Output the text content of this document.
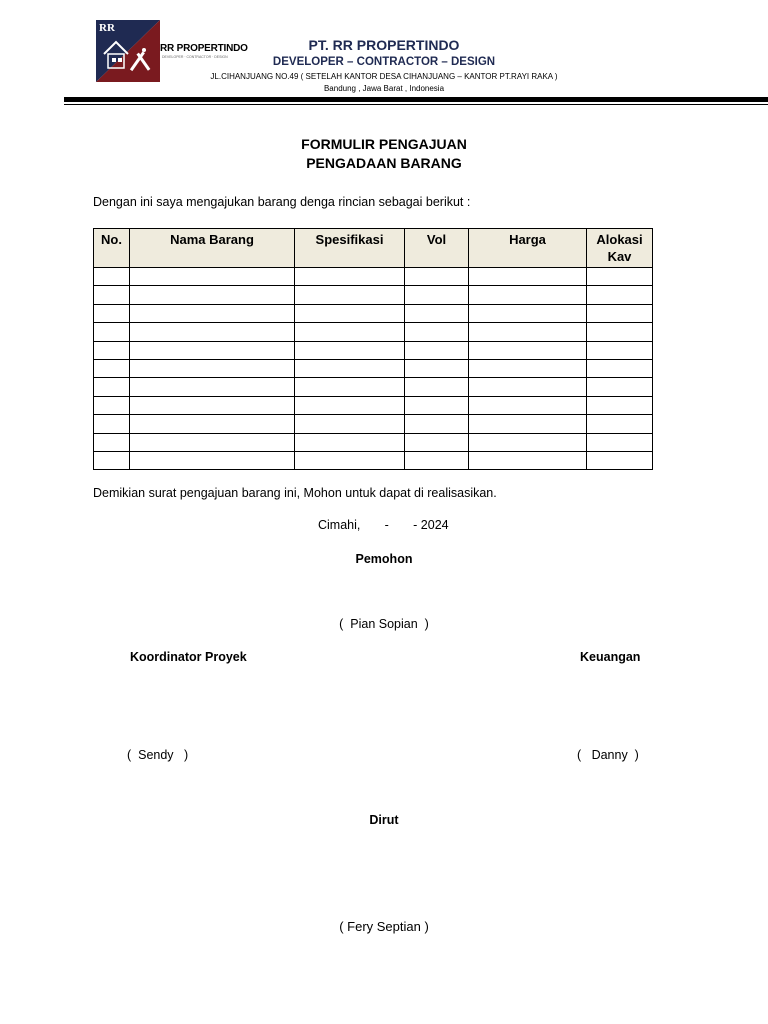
RR
RR PROPERTINDO
DEVELOPER · CONTRACTOR · DESIGN
PT. RR PROPERTINDO
DEVELOPER – CONTRACTOR – DESIGN
JL.CIHANJUANG NO.49 ( SETELAH KANTOR DESA CIHANJUANG – KANTOR PT.RAYI RAKA )
Bandung , Jawa Barat , Indonesia
FORMULIR PENGAJUAN
PENGADAAN BARANG
Dengan ini saya mengajukan barang denga rincian sebagai berikut :
No.	Nama Barang	Spesifikasi	Vol	Harga	Alokasi Kav

Demikian surat pengajuan barang ini, Mohon untuk dapat di realisasikan.
Cimahi,       -       - 2024
Pemohon
(  Pian Sopian  )
Koordinator Proyek	Keuangan
(  Sendy   )	(   Danny  )
Dirut
( Fery Septian )
